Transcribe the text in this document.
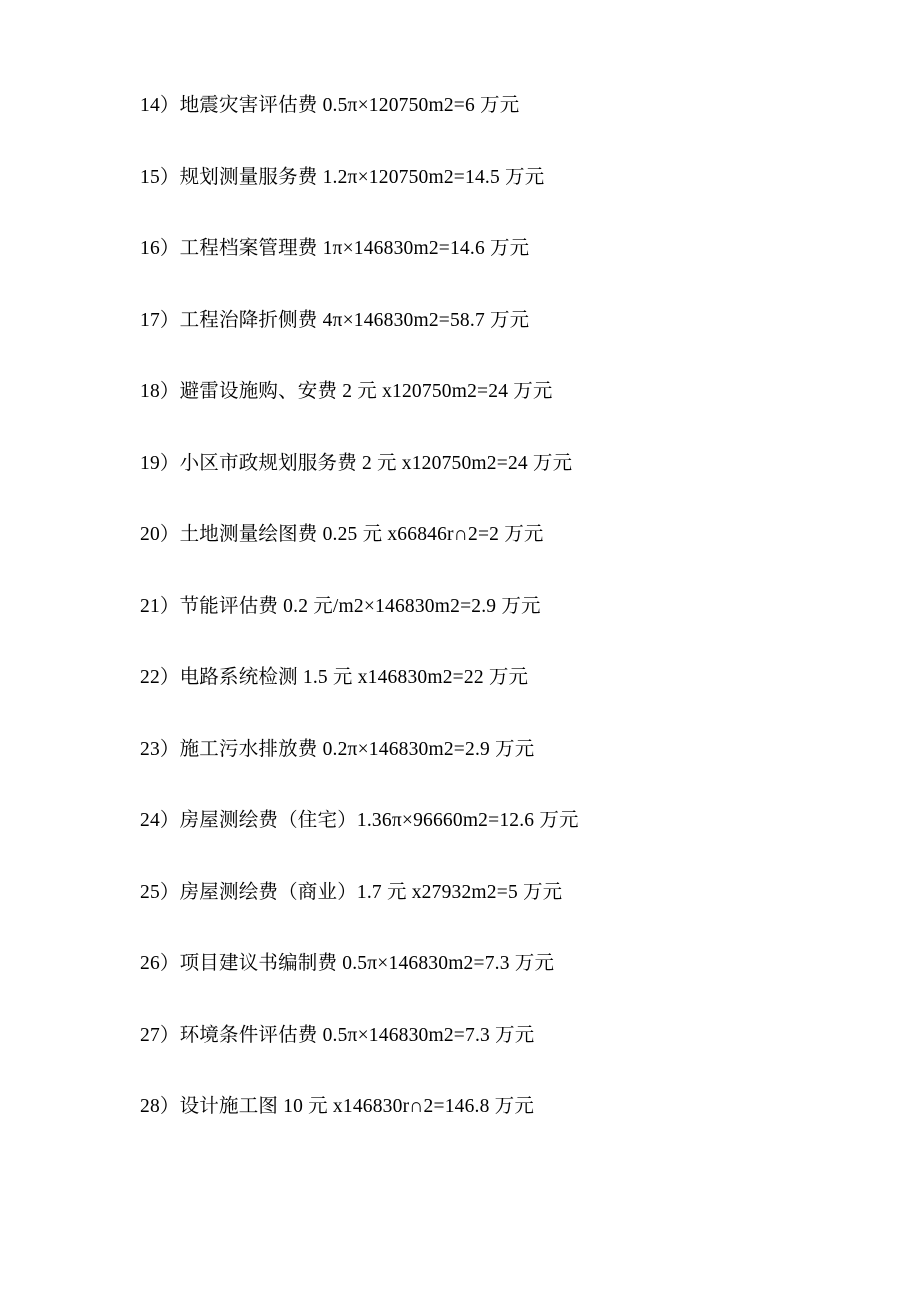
14）地震灾害评估费 0.5π×120750m2=6 万元

15）规划测量服务费 1.2π×120750m2=14.5 万元

16）工程档案管理费 1π×146830m2=14.6 万元

17）工程治降折侧费 4π×146830m2=58.7 万元

18）避雷设施购、安费 2 元 x120750m2=24 万元

19）小区市政规划服务费 2 元 x120750m2=24 万元

20）土地测量绘图费 0.25 元 x66846r∩2=2 万元

21）节能评估费 0.2 元/m2×146830m2=2.9 万元

22）电路系统检测 1.5 元 x146830m2=22 万元

23）施工污水排放费 0.2π×146830m2=2.9 万元

24）房屋测绘费（住宅）1.36π×96660m2=12.6 万元

25）房屋测绘费（商业）1.7 元 x27932m2=5 万元

26）项目建议书编制费 0.5π×146830m2=7.3 万元

27）环境条件评估费 0.5π×146830m2=7.3 万元

28）设计施工图 10 元 x146830r∩2=146.8 万元
